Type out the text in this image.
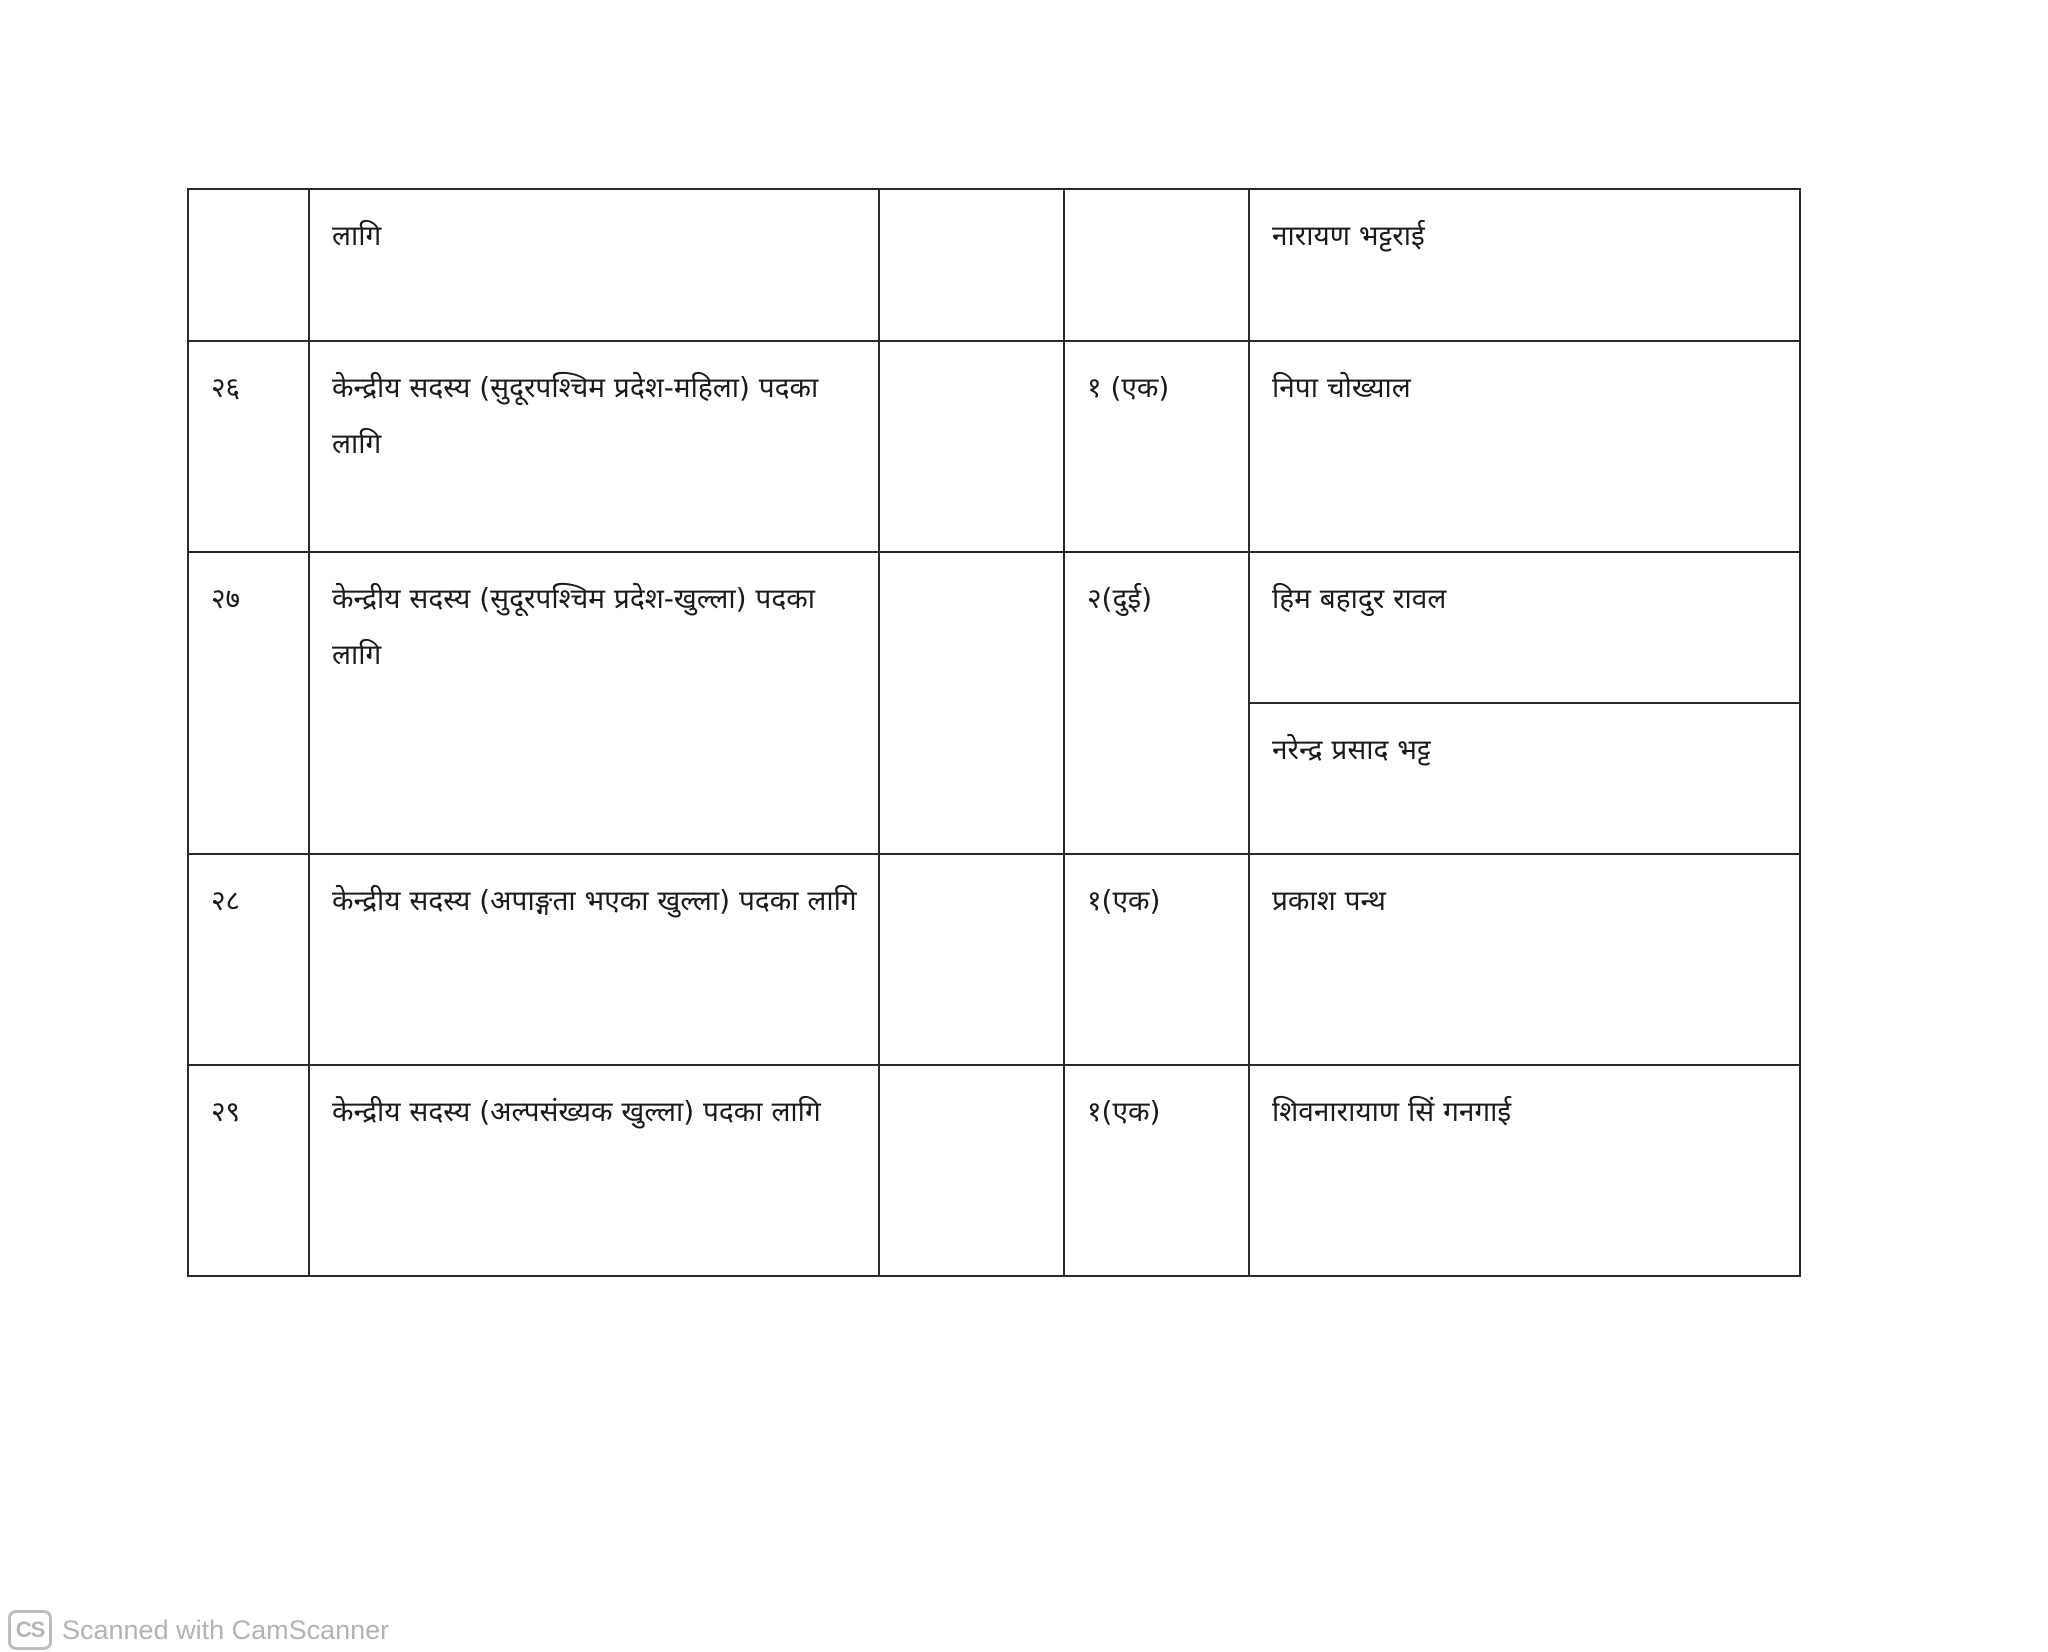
	लागि			नारायण भट्टराई

२६	केन्द्रीय सदस्य (सुदूरपश्चिम प्रदेश-महिला) पदका लागि		१ (एक)	निपा चोख्याल

२७	केन्द्रीय सदस्य (सुदूरपश्चिम प्रदेश-खुल्ला) पदका लागि		२(दुई)	हिम बहादुर रावल

				नरेन्द्र प्रसाद भट्ट

२८	केन्द्रीय सदस्य (अपाङ्गता भएका खुल्ला) पदका लागि		१(एक)	प्रकाश पन्थ

२९	केन्द्रीय सदस्य (अल्पसंख्यक खुल्ला) पदका लागि		१(एक)	शिवनारायाण सिं गनगाई
CS Scanned with CamScanner
